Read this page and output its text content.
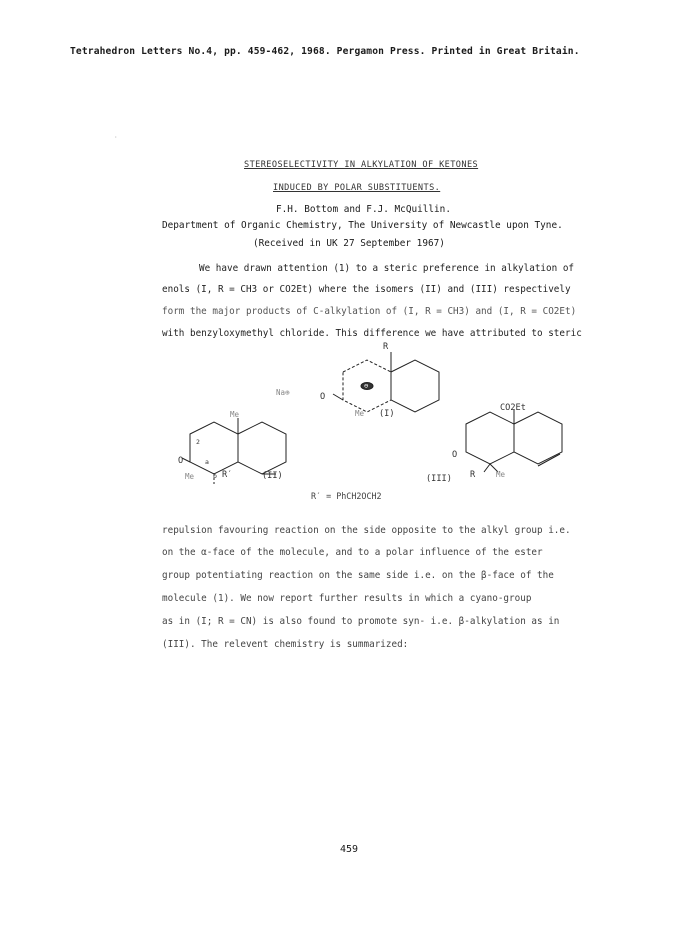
Tetrahedron Letters No.4, pp. 459-462, 1968. Pergamon Press. Printed in Great Britain.
·
STEREOSELECTIVITY IN ALKYLATION OF KETONES
INDUCED BY POLAR SUBSTITUENTS.
F.H. Bottom and F.J. McQuillin.
Department of Organic Chemistry, The University of Newcastle upon Tyne.
(Received in UK 27 September 1967)
We have drawn attention (1) to a steric preference in alkylation of
enols (I, R = CH3 or CO2Et) where the isomers (II) and (III) respectively
form the major products of C-alkylation of (I, R = CH3) and (I, R = CO2Et)
with benzyloxymethyl chloride. This difference we have attributed to steric
R
Na⊕	O
⊖
Me (I)
Me
2
O	a
Me	b R′	(II)
CO2Et
O
(III) R	Me
R′ = PhCH2OCH2
repulsion favouring reaction on the side opposite to the alkyl group i.e.
on the α-face of the molecule, and to a polar influence of the ester
group potentiating reaction on the same side i.e. on the β-face of the
molecule (1). We now report further results in which a cyano-group
as in (I; R = CN) is also found to promote syn- i.e. β-alkylation as in
(III). The relevent chemistry is summarized:
459
